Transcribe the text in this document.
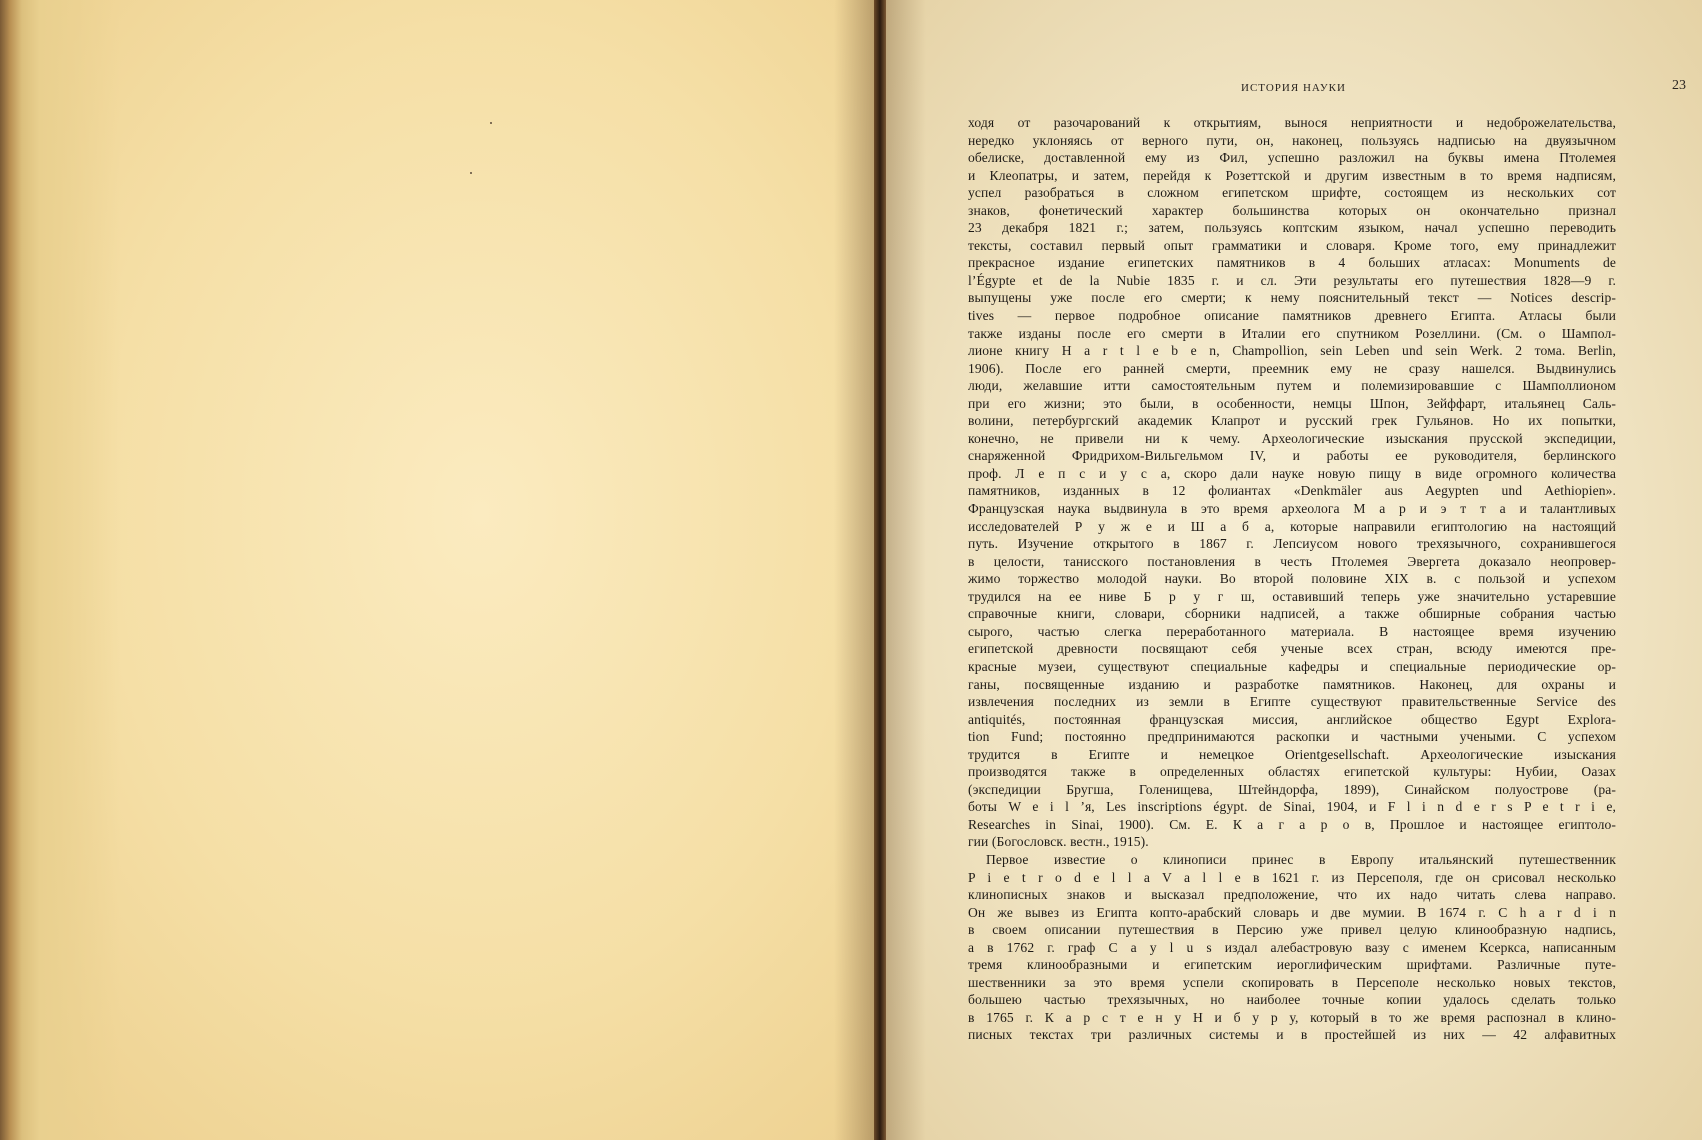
ИСТОРИЯ НАУКИ	23
ходя от разочарований к открытиям, вынося неприятности и недоброжелательства,
нередко уклоняясь от верного пути, он, наконец, пользуясь надписью на двуязычном
обелиске, доставленной ему из Фил, успешно разложил на буквы имена Птолемея
и Клеопатры, и затем, перейдя к Розеттской и другим известным в то время надписям,
успел разобраться в сложном египетском шрифте, состоящем из нескольких сот
знаков, фонетический характер большинства которых он окончательно признал
23 декабря 1821 г.; затем, пользуясь коптским языком, начал успешно переводить
тексты, составил первый опыт грамматики и словаря. Кроме того, ему принадлежит
прекрасное издание египетских памятников в 4 больших атласах: Monuments de
l’Égypte et de la Nubie 1835 г. и сл. Эти результаты его путешествия 1828—9 г.
выпущены уже после его смерти; к нему пояснительный текст — Notices descrip-
tives — первое подробное описание памятников древнего Египта. Атласы были
также изданы после его смерти в Италии его спутником Розеллини. (См. о Шампол-
лионе книгу H a r t l e b e n, Champollion, sein Leben und sein Werk. 2 тома. Berlin,
1906). После его ранней смерти, преемник ему не сразу нашелся. Выдвинулись
люди, желавшие итти самостоятельным путем и полемизировавшие с Шамполлионом
при его жизни; это были, в особенности, немцы Шпон, Зейффарт, итальянец Саль-
волини, петербургский академик Клапрот и русский грек Гульянов. Но их попытки,
конечно, не привели ни к чему. Археологические изыскания прусской экспедиции,
снаряженной Фридрихом-Вильгельмом IV, и работы ее руководителя, берлинского
проф. Л е п с и у с а, скоро дали науке новую пищу в виде огромного количества
памятников, изданных в 12 фолиантах «Denkmäler aus Aegypten und Aethiopien».
Французская наука выдвинула в это время археолога М а р и э т т а и талантливых
исследователей Р у ж е и Ш а б а, которые направили египтологию на настоящий
путь. Изучение открытого в 1867 г. Лепсиусом нового трехязычного, сохранившегося
в целости, танисского постановления в честь Птолемея Эвергета доказало неопровер-
жимо торжество молодой науки. Во второй половине XIX в. с пользой и успехом
трудился на ее ниве Б р у г ш, оставивший теперь уже значительно устаревшие
справочные книги, словари, сборники надписей, а также обширные собрания частью
сырого, частью слегка переработанного материала. В настоящее время изучению
египетской древности посвящают себя ученые всех стран, всюду имеются пре-
красные музеи, существуют специальные кафедры и специальные периодические ор-
ганы, посвященные изданию и разработке памятников. Наконец, для охраны и
извлечения последних из земли в Египте существуют правительственные Service des
antiquités, постоянная французская миссия, английское общество Egypt Explora-
tion Fund; постоянно предпринимаются раскопки и частными учеными. С успехом
трудится в Египте и немецкое Orientgesellschaft. Археологические изыскания
производятся также в определенных областях египетской культуры: Нубии, Оазах
(экспедиции Бругша, Голенищева, Штейндорфа, 1899), Синайском полуострове (ра-
боты W e i l ’я, Les inscriptions égypt. de Sinai, 1904, и F l i n d e r s P e t r i e,
Researches in Sinai, 1900). См. Е. К а г а р о в, Прошлое и настоящее египтоло-
гии (Богословск. вестн., 1915).
Первое известие о клинописи принес в Европу итальянский путешественник
P i e t r o d e l l a V a l l e в 1621 г. из Персеполя, где он срисовал несколько
клинописных знаков и высказал предположение, что их надо читать слева направо.
Он же вывез из Египта копто-арабский словарь и две мумии. В 1674 г. C h a r d i n
в своем описании путешествия в Персию уже привел целую клинообразную надпись,
а в 1762 г. граф C a y l u s издал алебастровую вазу с именем Ксеркса, написанным
тремя клинообразными и египетским иероглифическим шрифтами. Различные путе-
шественники за это время успели скопировать в Персеполе несколько новых текстов,
большею частью трехязычных, но наиболее точные копии удалось сделать только
в 1765 г. К а р с т е н у Н и б у р у, который в то же время распознал в клино-
писных текстах три различных системы и в простейшей из них — 42 алфавитных
